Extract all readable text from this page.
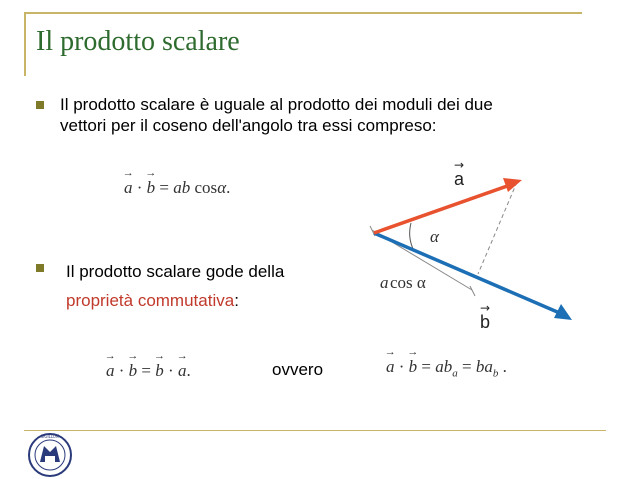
Il prodotto scalare
Il prodotto scalare è uguale al prodotto dei moduli dei due
vettori per il coseno dell'angolo tra essi compreso:
→ a · → b = ab cosα.
α
a
→
b
→
a cos α
Il prodotto scalare gode della
proprietà commutativa:
→ a · → b = → b · → a.	ovvero	→ a · → $b = ab_a = ba_b$ .
SIGILLUM
